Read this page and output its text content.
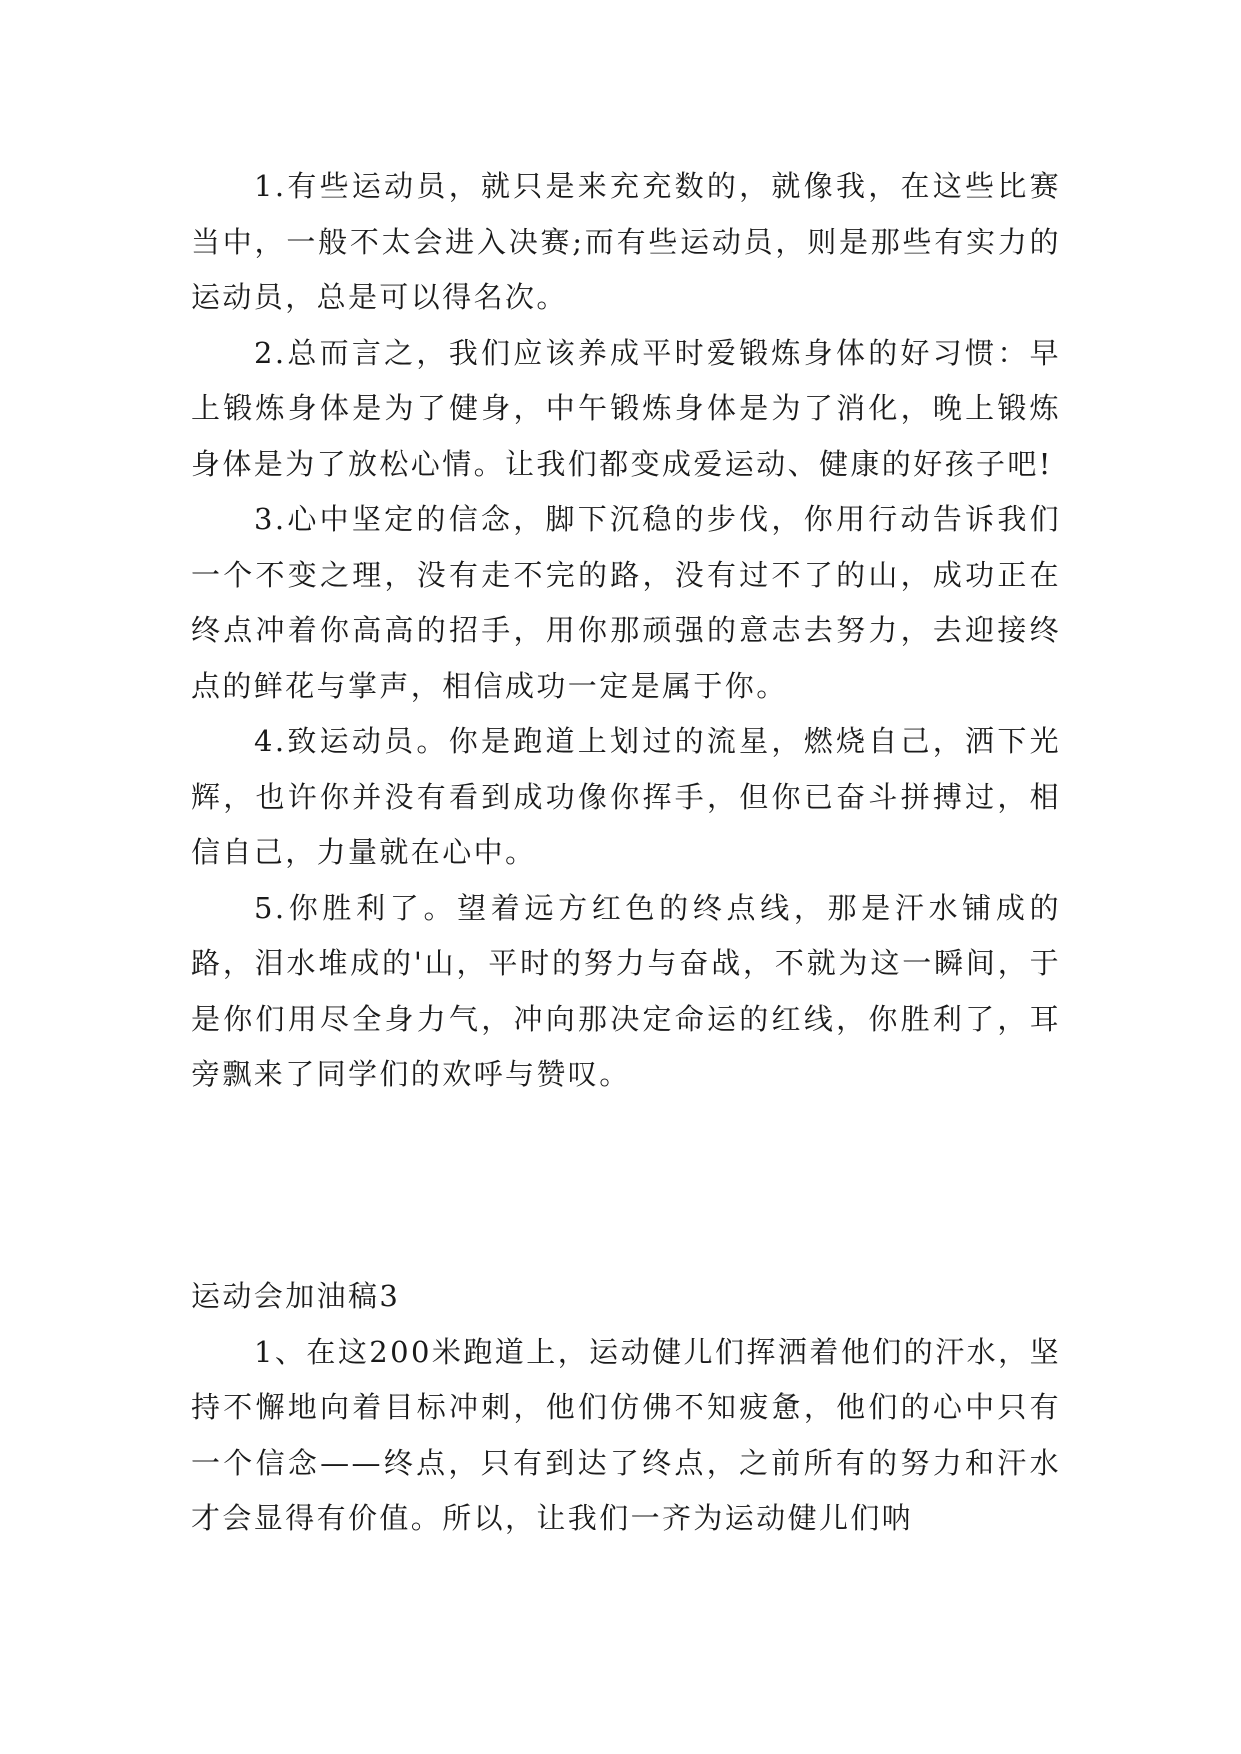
1.有些运动员，就只是来充充数的，就像我，在这些比赛当中，一般不太会进入决赛;而有些运动员，则是那些有实力的运动员，总是可以得名次。

2.总而言之，我们应该养成平时爱锻炼身体的好习惯：早上锻炼身体是为了健身，中午锻炼身体是为了消化，晚上锻炼身体是为了放松心情。让我们都变成爱运动、健康的好孩子吧!

3.心中坚定的信念，脚下沉稳的步伐，你用行动告诉我们一个不变之理，没有走不完的路，没有过不了的山，成功正在终点冲着你高高的招手，用你那顽强的意志去努力，去迎接终点的鲜花与掌声，相信成功一定是属于你。

4.致运动员。你是跑道上划过的流星，燃烧自己，洒下光辉，也许你并没有看到成功像你挥手，但你已奋斗拼搏过，相信自己，力量就在心中。

5.你胜利了。望着远方红色的终点线，那是汗水铺成的路，泪水堆成的'山，平时的努力与奋战，不就为这一瞬间，于是你们用尽全身力气，冲向那决定命运的红线，你胜利了，耳旁飘来了同学们的欢呼与赞叹。

运动会加油稿3

1、在这200米跑道上，运动健儿们挥洒着他们的汗水，坚持不懈地向着目标冲刺，他们仿佛不知疲惫，他们的心中只有一个信念——终点，只有到达了终点，之前所有的努力和汗水才会显得有价值。所以，让我们一齐为运动健儿们呐
